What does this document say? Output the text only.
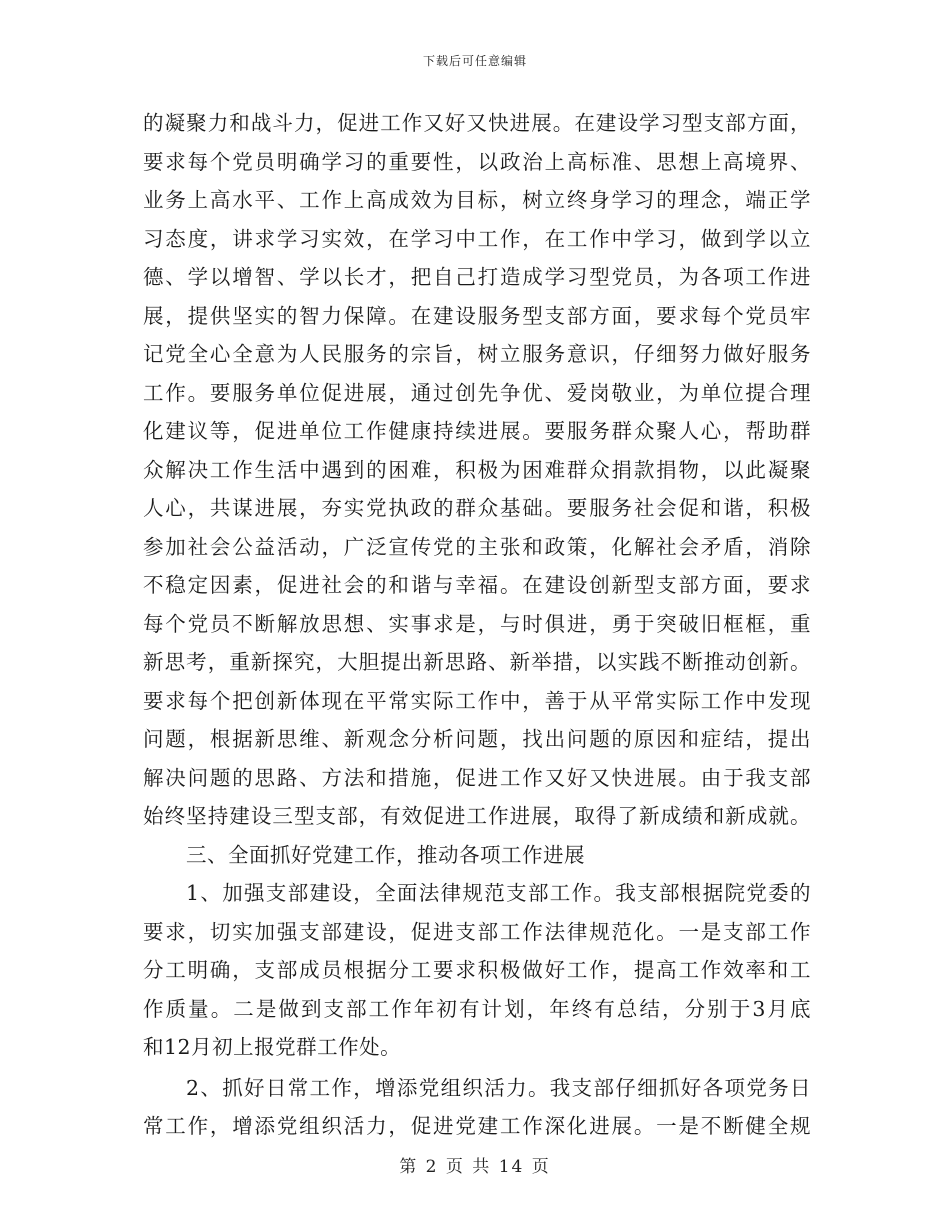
下载后可任意编辑
的凝聚力和战斗力，促进工作又好又快进展。在建设学习型支部方面，
要求每个党员明确学习的重要性，以政治上高标准、思想上高境界、
业务上高水平、工作上高成效为目标，树立终身学习的理念，端正学
习态度，讲求学习实效，在学习中工作，在工作中学习，做到学以立
德、学以增智、学以长才，把自己打造成学习型党员，为各项工作进
展，提供坚实的智力保障。在建设服务型支部方面，要求每个党员牢
记党全心全意为人民服务的宗旨，树立服务意识，仔细努力做好服务
工作。要服务单位促进展，通过创先争优、爱岗敬业，为单位提合理
化建议等，促进单位工作健康持续进展。要服务群众聚人心，帮助群
众解决工作生活中遇到的困难，积极为困难群众捐款捐物，以此凝聚
人心，共谋进展，夯实党执政的群众基础。要服务社会促和谐，积极
参加社会公益活动，广泛宣传党的主张和政策，化解社会矛盾，消除
不稳定因素，促进社会的和谐与幸福。在建设创新型支部方面，要求
每个党员不断解放思想、实事求是，与时俱进，勇于突破旧框框，重
新思考，重新探究，大胆提出新思路、新举措，以实践不断推动创新。
要求每个把创新体现在平常实际工作中，善于从平常实际工作中发现
问题，根据新思维、新观念分析问题，找出问题的原因和症结，提出
解决问题的思路、方法和措施，促进工作又好又快进展。由于我支部
始终坚持建设三型支部，有效促进工作进展，取得了新成绩和新成就。
三、全面抓好党建工作，推动各项工作进展
1、加强支部建设，全面法律规范支部工作。我支部根据院党委的
要求，切实加强支部建设，促进支部工作法律规范化。一是支部工作
分工明确，支部成员根据分工要求积极做好工作，提高工作效率和工
作质量。二是做到支部工作年初有计划，年终有总结，分别于3月底
和12月初上报党群工作处。
2、抓好日常工作，增添党组织活力。我支部仔细抓好各项党务日
常工作，增添党组织活力，促进党建工作深化进展。一是不断健全规
第 2 页 共 14 页
